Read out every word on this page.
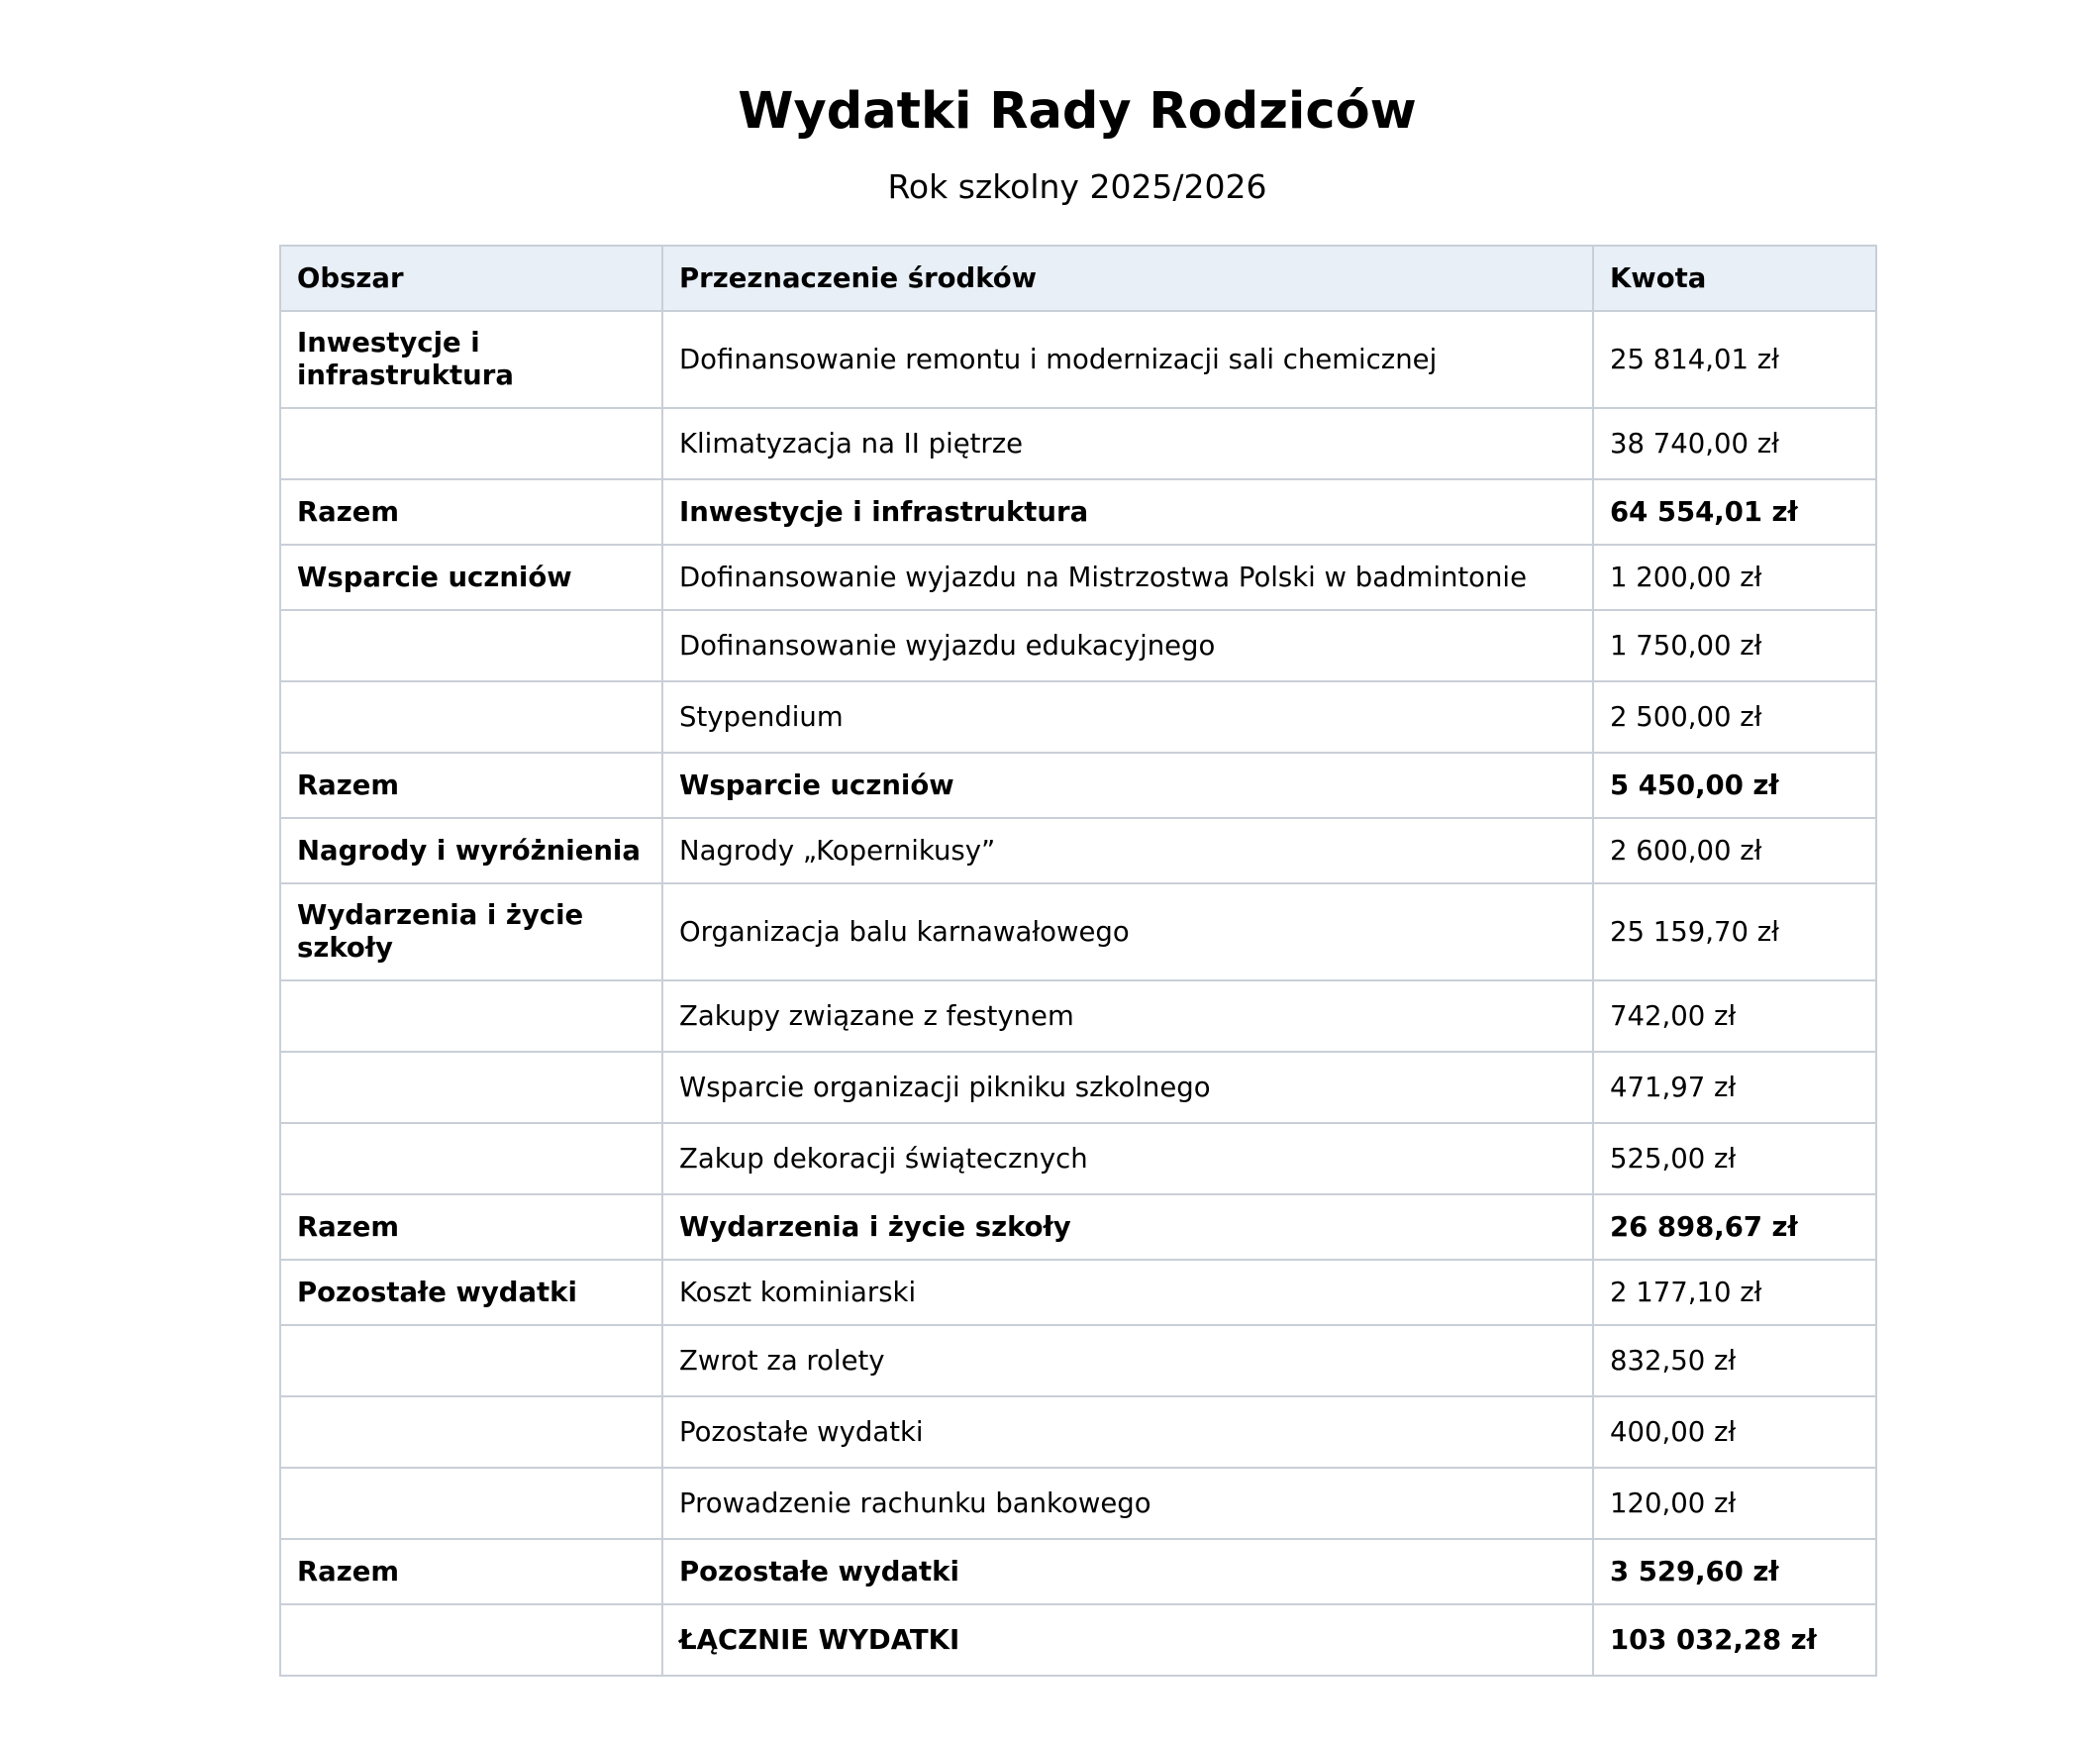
Wydatki Rady Rodziców
Rok szkolny 2025/2026
Obszar	Przeznaczenie środków	Kwota
Inwestycje i infrastruktura	Dofinansowanie remontu i modernizacji sali chemicznej	25 814,01 zł
	Klimatyzacja na II piętrze	38 740,00 zł
Razem	Inwestycje i infrastruktura	64 554,01 zł
Wsparcie uczniów	Dofinansowanie wyjazdu na Mistrzostwa Polski w badmintonie	1 200,00 zł
	Dofinansowanie wyjazdu edukacyjnego	1 750,00 zł
	Stypendium	2 500,00 zł
Razem	Wsparcie uczniów	5 450,00 zł
Nagrody i wyróżnienia	Nagrody „Kopernikusy”	2 600,00 zł
Wydarzenia i życie szkoły	Organizacja balu karnawałowego	25 159,70 zł
	Zakupy związane z festynem	742,00 zł
	Wsparcie organizacji pikniku szkolnego	471,97 zł
	Zakup dekoracji świątecznych	525,00 zł
Razem	Wydarzenia i życie szkoły	26 898,67 zł
Pozostałe wydatki	Koszt kominiarski	2 177,10 zł
	Zwrot za rolety	832,50 zł
	Pozostałe wydatki	400,00 zł
	Prowadzenie rachunku bankowego	120,00 zł
Razem	Pozostałe wydatki	3 529,60 zł
	ŁĄCZNIE WYDATKI	103 032,28 zł
